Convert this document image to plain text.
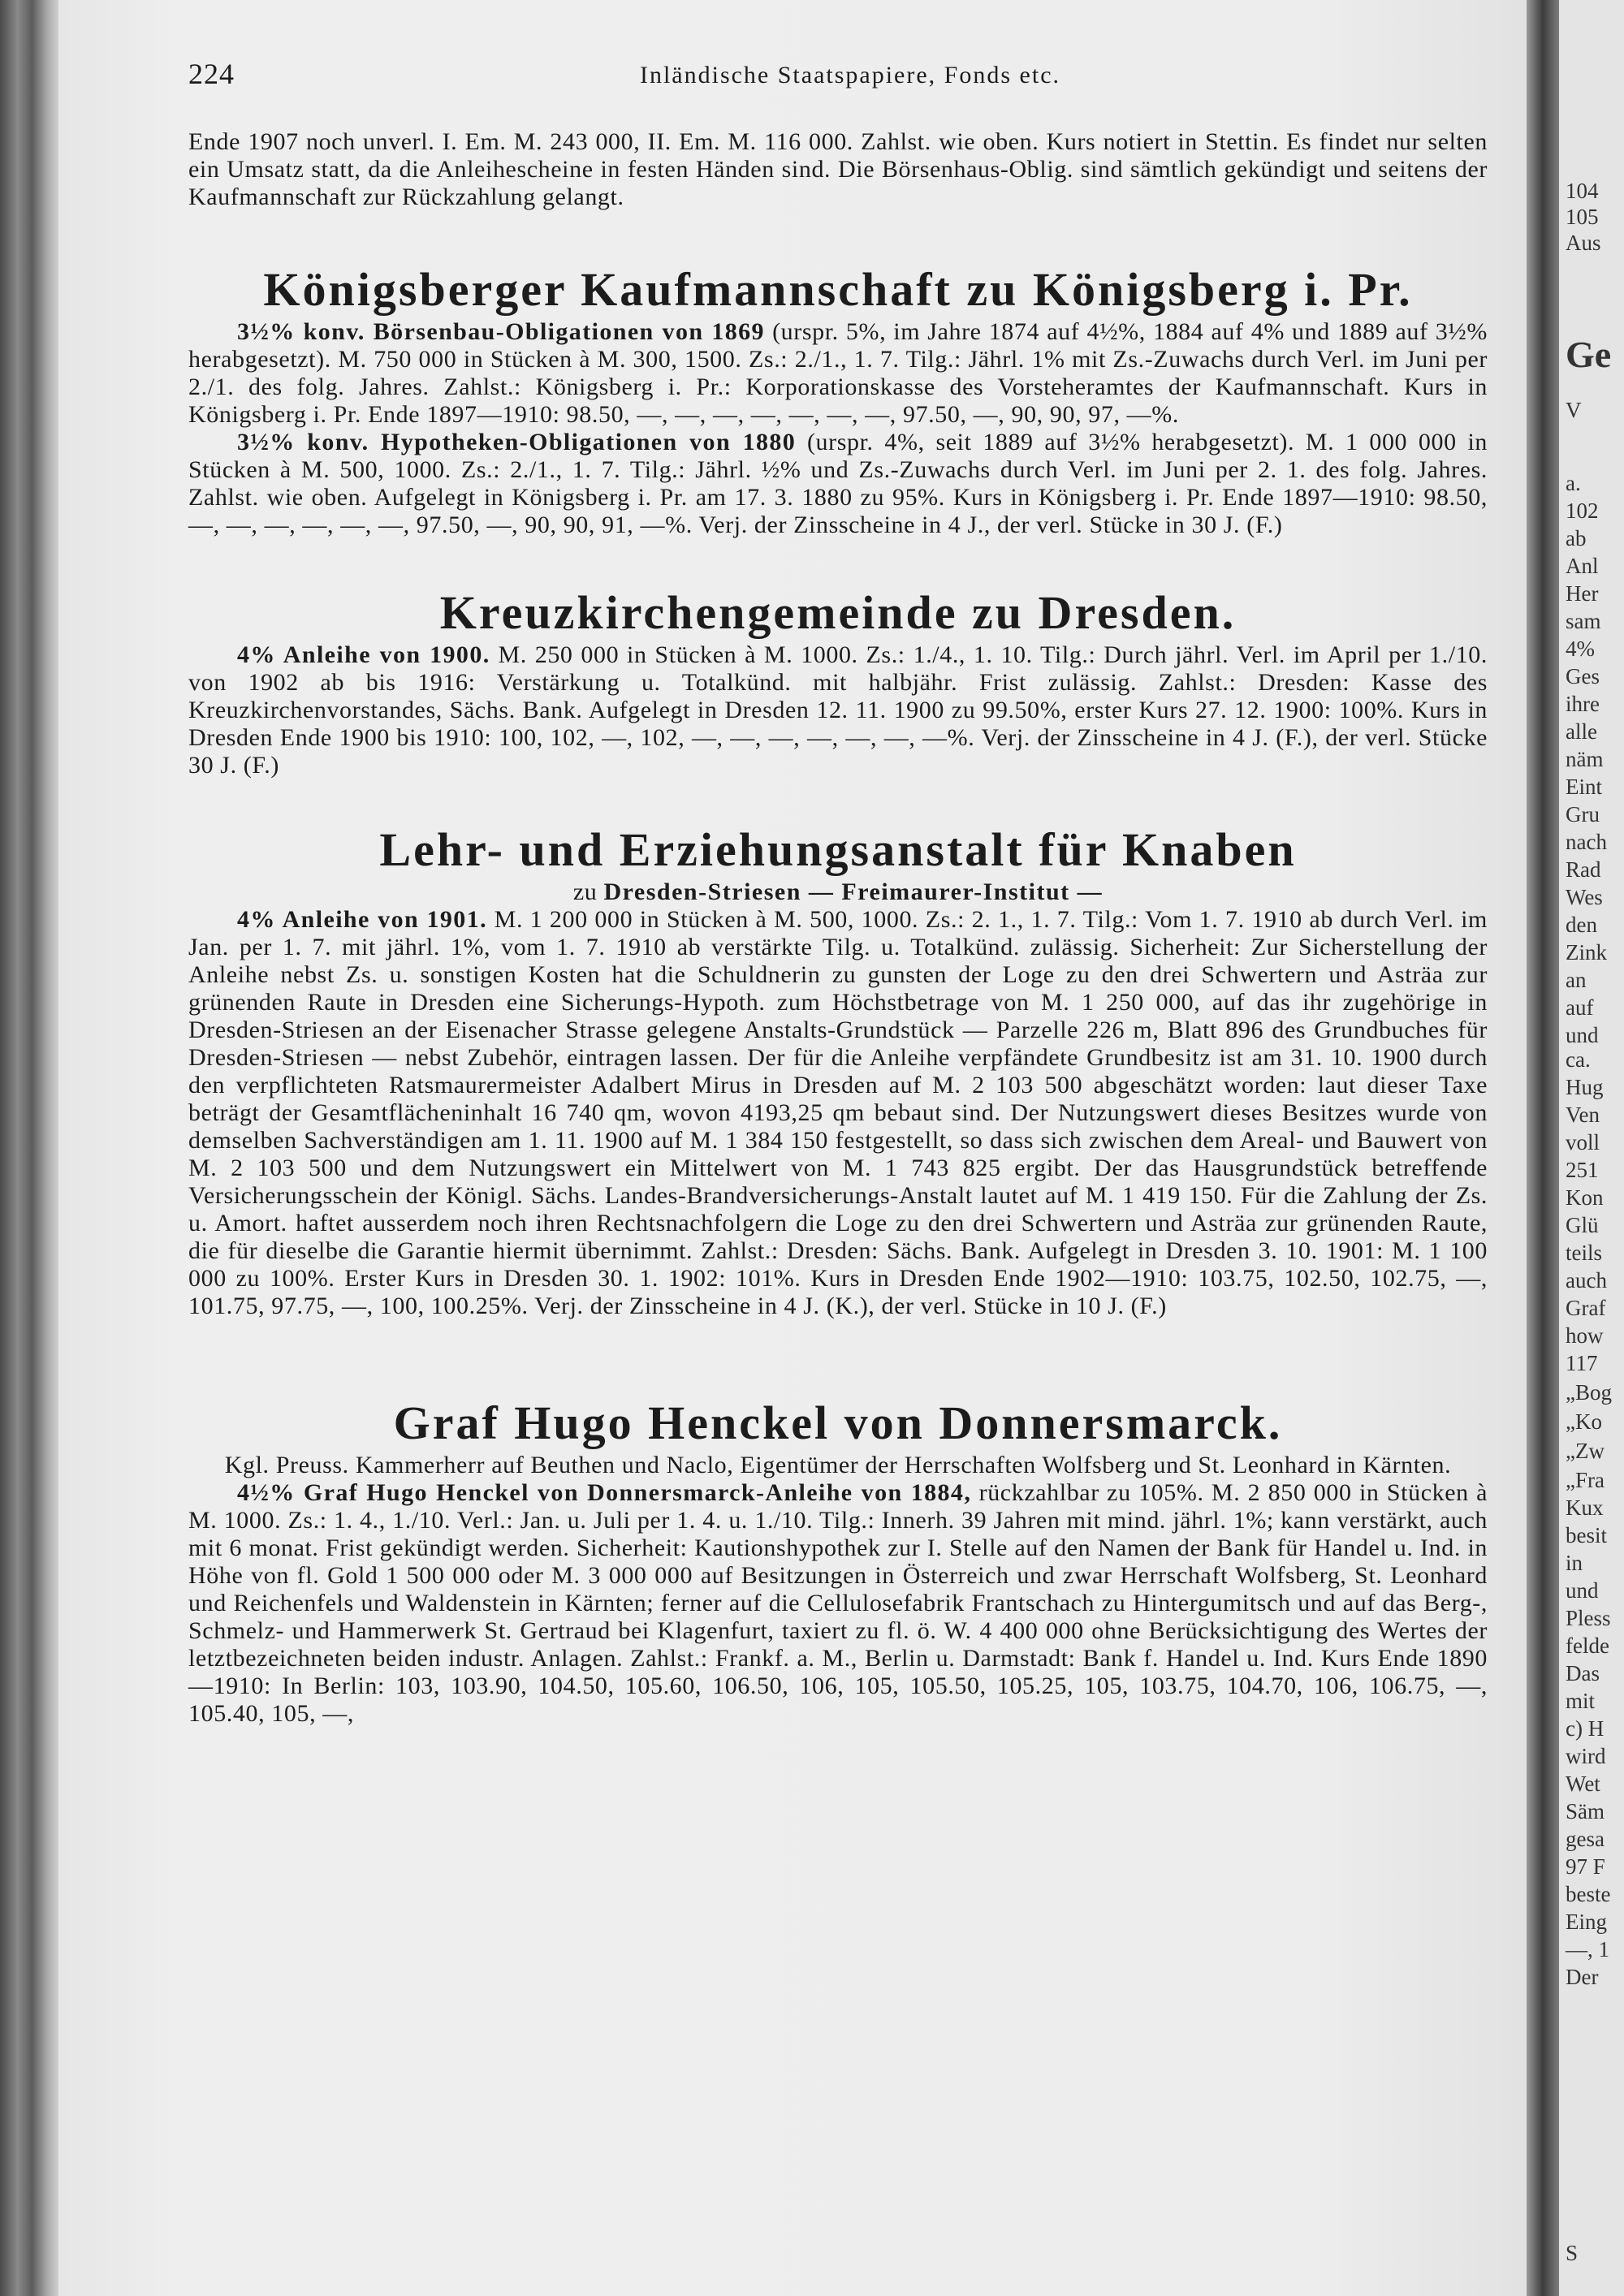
224	Inländische Staatspapiere, Fonds etc.

Ende 1907 noch unverl. I. Em. M. 243 000, II. Em. M. 116 000. Zahlst. wie oben. Kurs notiert in Stettin. Es findet nur selten ein Umsatz statt, da die Anleihescheine in festen Händen sind. Die Börsenhaus-Oblig. sind sämtlich gekündigt und seitens der Kaufmannschaft zur Rückzahlung gelangt.

Königsberger Kaufmannschaft zu Königsberg i. Pr.

3½% konv. Börsenbau-Obligationen von 1869 (urspr. 5%, im Jahre 1874 auf 4½%, 1884 auf 4% und 1889 auf 3½% herabgesetzt). M. 750 000 in Stücken à M. 300, 1500. Zs.: 2./1., 1. 7. Tilg.: Jährl. 1% mit Zs.-Zuwachs durch Verl. im Juni per 2./1. des folg. Jahres. Zahlst.: Königsberg i. Pr.: Korporationskasse des Vorsteheramtes der Kaufmannschaft. Kurs in Königsberg i. Pr. Ende 1897—1910: 98.50, —, —, —, —, —, —, —, 97.50, —, 90, 90, 97, —%.

3½% konv. Hypotheken-Obligationen von 1880 (urspr. 4%, seit 1889 auf 3½% herabgesetzt). M. 1 000 000 in Stücken à M. 500, 1000. Zs.: 2./1., 1. 7. Tilg.: Jährl. ½% und Zs.-Zuwachs durch Verl. im Juni per 2. 1. des folg. Jahres. Zahlst. wie oben. Aufgelegt in Königsberg i. Pr. am 17. 3. 1880 zu 95%. Kurs in Königsberg i. Pr. Ende 1897—1910: 98.50, —, —, —, —, —, —, 97.50, —, 90, 90, 91, —%. Verj. der Zinsscheine in 4 J., der verl. Stücke in 30 J. (F.)

Kreuzkirchengemeinde zu Dresden.

4% Anleihe von 1900. M. 250 000 in Stücken à M. 1000. Zs.: 1./4., 1. 10. Tilg.: Durch jährl. Verl. im April per 1./10. von 1902 ab bis 1916: Verstärkung u. Totalkünd. mit halbjähr. Frist zulässig. Zahlst.: Dresden: Kasse des Kreuzkirchenvorstandes, Sächs. Bank. Aufgelegt in Dresden 12. 11. 1900 zu 99.50%, erster Kurs 27. 12. 1900: 100%. Kurs in Dresden Ende 1900 bis 1910: 100, 102, —, 102, —, —, —, —, —, —, —%. Verj. der Zinsscheine in 4 J. (F.), der verl. Stücke 30 J. (F.)

Lehr- und Erziehungsanstalt für Knaben
zu Dresden-Striesen — Freimaurer-Institut —

4% Anleihe von 1901. M. 1 200 000 in Stücken à M. 500, 1000. Zs.: 2. 1., 1. 7. Tilg.: Vom 1. 7. 1910 ab durch Verl. im Jan. per 1. 7. mit jährl. 1%, vom 1. 7. 1910 ab verstärkte Tilg. u. Totalkünd. zulässig. Sicherheit: Zur Sicherstellung der Anleihe nebst Zs. u. sonstigen Kosten hat die Schuldnerin zu gunsten der Loge zu den drei Schwertern und Asträa zur grünenden Raute in Dresden eine Sicherungs-Hypoth. zum Höchstbetrage von M. 1 250 000, auf das ihr zugehörige in Dresden-Striesen an der Eisenacher Strasse gelegene Anstalts-Grundstück — Parzelle 226 m, Blatt 896 des Grundbuches für Dresden-Striesen — nebst Zubehör, eintragen lassen. Der für die Anleihe verpfändete Grundbesitz ist am 31. 10. 1900 durch den verpflichteten Ratsmaurermeister Adalbert Mirus in Dresden auf M. 2 103 500 abgeschätzt worden: laut dieser Taxe beträgt der Gesamtflächeninhalt 16 740 qm, wovon 4193,25 qm bebaut sind. Der Nutzungswert dieses Besitzes wurde von demselben Sachverständigen am 1. 11. 1900 auf M. 1 384 150 festgestellt, so dass sich zwischen dem Areal- und Bauwert von M. 2 103 500 und dem Nutzungswert ein Mittelwert von M. 1 743 825 ergibt. Der das Hausgrundstück betreffende Versicherungsschein der Königl. Sächs. Landes-Brandversicherungs-Anstalt lautet auf M. 1 419 150. Für die Zahlung der Zs. u. Amort. haftet ausserdem noch ihren Rechtsnachfolgern die Loge zu den drei Schwertern und Asträa zur grünenden Raute, die für dieselbe die Garantie hiermit übernimmt. Zahlst.: Dresden: Sächs. Bank. Aufgelegt in Dresden 3. 10. 1901: M. 1 100 000 zu 100%. Erster Kurs in Dresden 30. 1. 1902: 101%. Kurs in Dresden Ende 1902—1910: 103.75, 102.50, 102.75, —, 101.75, 97.75, —, 100, 100.25%. Verj. der Zinsscheine in 4 J. (K.), der verl. Stücke in 10 J. (F.)

Graf Hugo Henckel von Donnersmarck.
Kgl. Preuss. Kammerherr auf Beuthen und Naclo, Eigentümer der Herrschaften Wolfsberg und St. Leonhard in Kärnten.

4½% Graf Hugo Henckel von Donnersmarck-Anleihe von 1884, rückzahlbar zu 105%. M. 2 850 000 in Stücken à M. 1000. Zs.: 1. 4., 1./10. Verl.: Jan. u. Juli per 1. 4. u. 1./10. Tilg.: Innerh. 39 Jahren mit mind. jährl. 1%; kann verstärkt, auch mit 6 monat. Frist gekündigt werden. Sicherheit: Kautionshypothek zur I. Stelle auf den Namen der Bank für Handel u. Ind. in Höhe von fl. Gold 1 500 000 oder M. 3 000 000 auf Besitzungen in Österreich und zwar Herrschaft Wolfsberg, St. Leonhard und Reichenfels und Waldenstein in Kärnten; ferner auf die Cellulosefabrik Frantschach zu Hintergumitsch und auf das Berg-, Schmelz- und Hammerwerk St. Gertraud bei Klagenfurt, taxiert zu fl. ö. W. 4 400 000 ohne Berücksichtigung des Wertes der letztbezeichneten beiden industr. Anlagen. Zahlst.: Frankf. a. M., Berlin u. Darmstadt: Bank f. Handel u. Ind. Kurs Ende 1890—1910: In Berlin: 103, 103.90, 104.50, 105.60, 106.50, 106, 105, 105.50, 105.25, 105, 103.75, 104.70, 106, 106.75, —, 105.40, 105, —,

104
105
Aus
Ge
V
a.
102
ab
Anl
Her
sam
4%
Ges
ihre
alle
näm
Eint
Gru
nach
Rad
Wes
den
Zink
an
auf
und
ca.
Hug
Ven
voll
251
Kon
Glü
teils
auch
Graf
how
117
„Bog
„Ko
„Zw
„Fra
Kux
besit
in
und
Pless
felde
Das
mit
c) H
wird
Wet
Säm
gesa
97 F
beste
Eing
—, 1
Der
S
